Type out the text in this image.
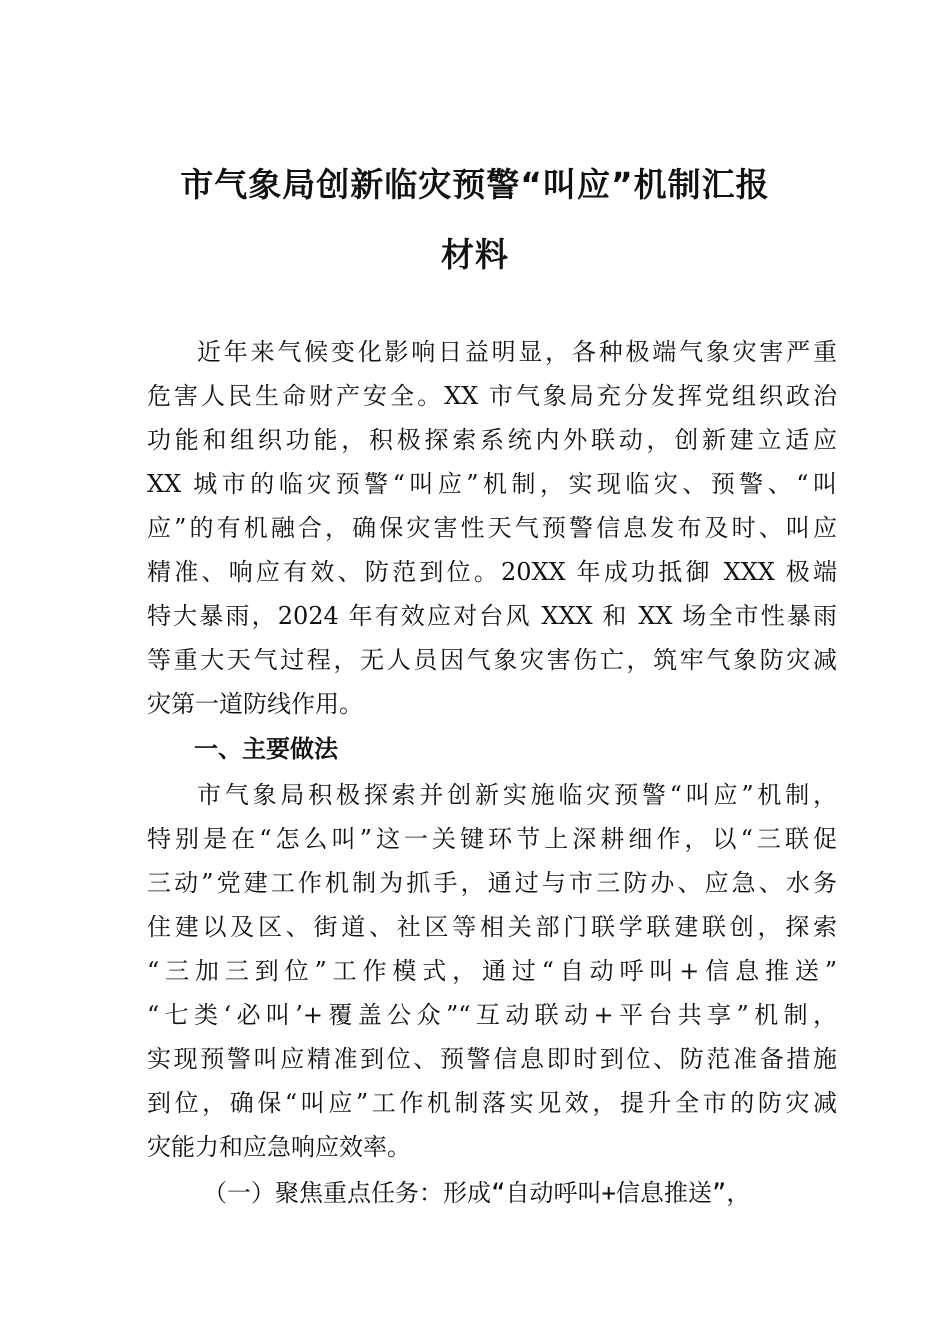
市气象局创新临灾预警“叫应”机制汇报
材料
近年来气候变化影响日益明显，各种极端气象灾害严重
危害人民生命财产安全。XX 市气象局充分发挥党组织政治
功能和组织功能，积极探索系统内外联动，创新建立适应
XX 城市的临灾预警“叫应”机制，实现临灾、预警、“叫
应”的有机融合，确保灾害性天气预警信息发布及时、叫应
精准、响应有效、防范到位。20XX 年成功抵御 XXX 极端
特大暴雨，2024 年有效应对台风 XXX 和 XX 场全市性暴雨
等重大天气过程，无人员因气象灾害伤亡，筑牢气象防灾减
灾第一道防线作用。
一、主要做法
市气象局积极探索并创新实施临灾预警“叫应”机制，
特别是在“怎么叫”这一关键环节上深耕细作，以“三联促
三动”党建工作机制为抓手，通过与市三防办、应急、水务
住建以及区、街道、社区等相关部门联学联建联创，探索
“三加三到位”工作模式，通过“自动呼叫+信息推送”
“七类‘必叫’+覆盖公众”“互动联动+平台共享”机制，
实现预警叫应精准到位、预警信息即时到位、防范准备措施
到位，确保“叫应”工作机制落实见效，提升全市的防灾减
灾能力和应急响应效率。
（一）聚焦重点任务：形成“自动呼叫+信息推送”，
